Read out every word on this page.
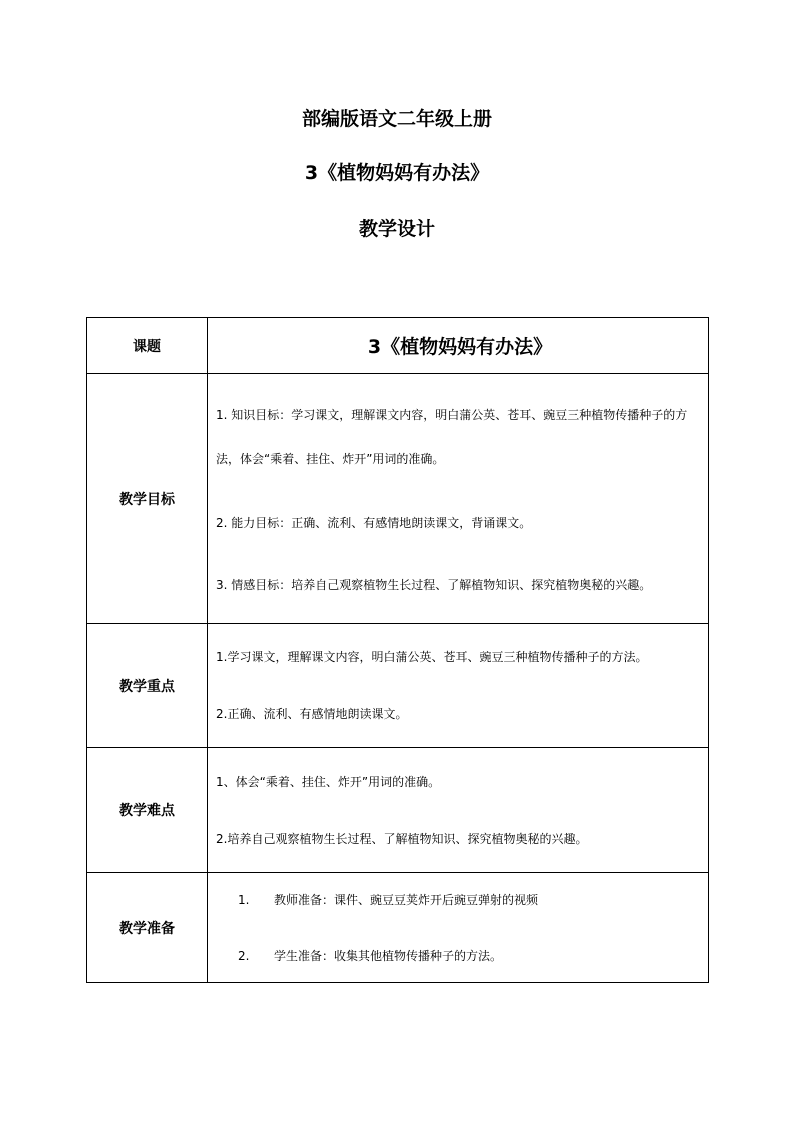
部编版语文二年级上册
3《植物妈妈有办法》
教学设计
课题	3《植物妈妈有办法》

教学目标	1. 知识目标：学习课文，理解课文内容，明白蒲公英、苍耳、豌豆三种植物传播种子的方法，体会“乘着、挂住、炸开”用词的准确。

2. 能力目标：正确、流利、有感情地朗读课文，背诵课文。

3. 情感目标：培养自己观察植物生长过程、了解植物知识、探究植物奥秘的兴趣。

教学重点	1.学习课文，理解课文内容，明白蒲公英、苍耳、豌豆三种植物传播种子的方法。

2.正确、流利、有感情地朗读课文。

教学难点	1、体会“乘着、挂住、炸开”用词的准确。

2.培养自己观察植物生长过程、了解植物知识、探究植物奥秘的兴趣。

教学准备	1. 教师准备：课件、豌豆豆荚炸开后豌豆弹射的视频
2. 学生准备：收集其他植物传播种子的方法。
